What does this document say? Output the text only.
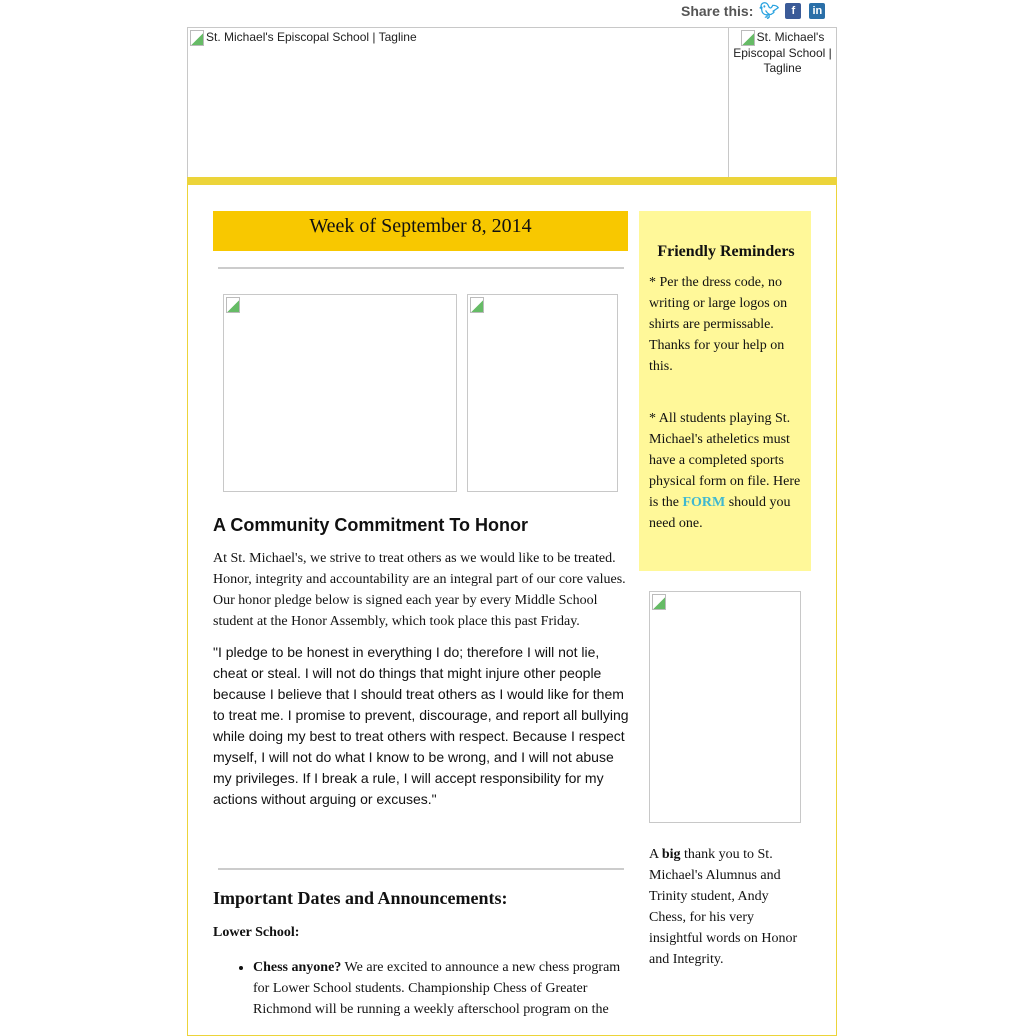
Share this: 🐦︎	f	in
St. Michael's Episcopal School | Tagline	St. Michael's Episcopal School | Tagline
Week of September 8, 2014
A Community Commitment To Honor

At St. Michael's, we strive to treat others as we would like to be treated. Honor, integrity and accountability are an integral part of our core values. Our honor pledge below is signed each year by every Middle School student at the Honor Assembly, which took place this past Friday.

"I pledge to be honest in everything I do; therefore I will not lie, cheat or steal. I will not do things that might injure other people because I believe that I should treat others as I would like for them to treat me. I promise to prevent, discourage, and report all bullying while doing my best to treat others with respect. Because I respect myself, I will not do what I know to be wrong, and I will not abuse my privileges. If I break a rule, I will accept responsibility for my actions without arguing or excuses."

Important Dates and Announcements:
Lower School:
• Chess anyone? We are excited to announce a new chess program for Lower School students. Championship Chess of Greater Richmond will be running a weekly afterschool program on the
Friendly Reminders

* Per the dress code, no writing or large logos on shirts are permissable. Thanks for your help on this.

* All students playing St. Michael's atheletics must have a completed sports physical form on file. Here is the FORM should you need one.

A big thank you to St. Michael's Alumnus and Trinity student, Andy Chess, for his very insightful words on Honor and Integrity.
